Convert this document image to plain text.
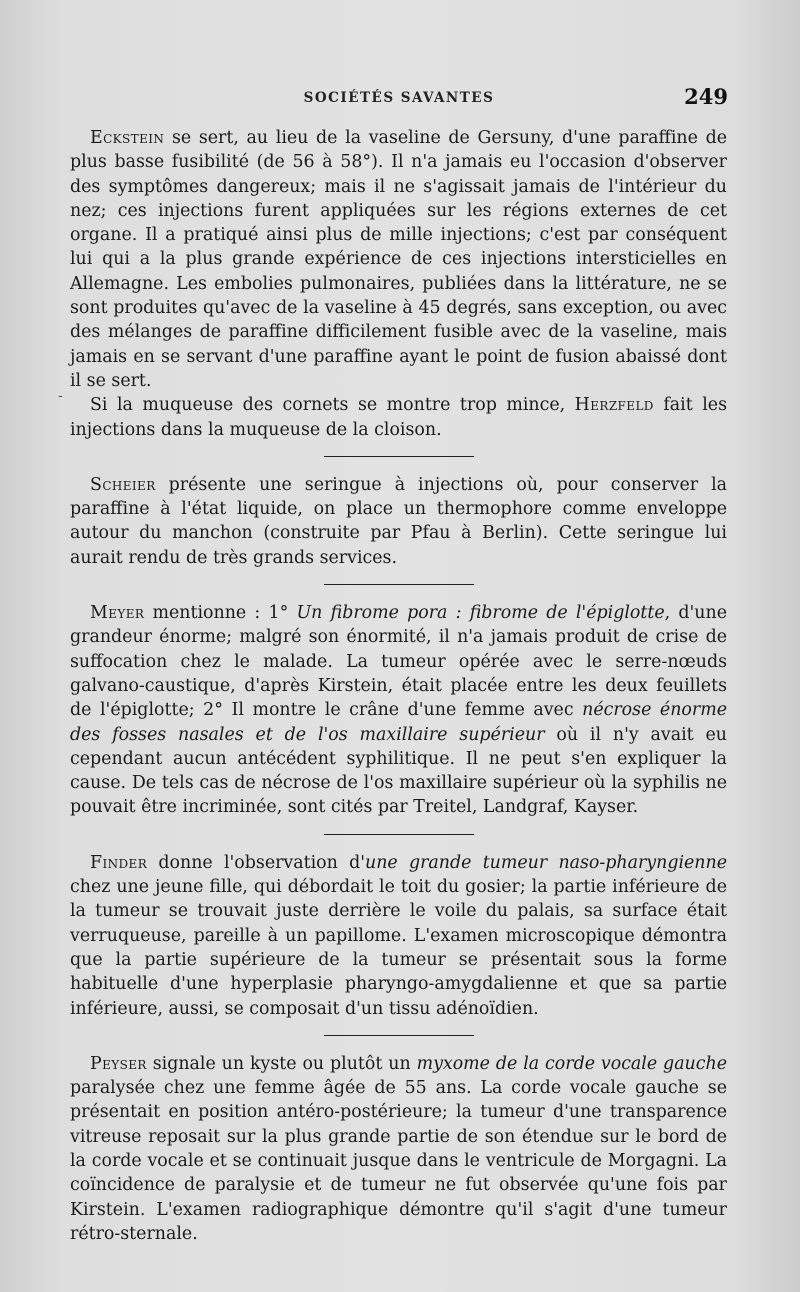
SOCIÉTÉS SAVANTES	249
-

Eckstein se sert, au lieu de la vaseline de Gersuny, d'une paraffine de plus basse fusibilité (de 56 à 58°). Il n'a jamais eu l'occasion d'observer des symptômes dangereux; mais il ne s'agissait jamais de l'intérieur du nez; ces injections furent appliquées sur les régions externes de cet organe. Il a pratiqué ainsi plus de mille injections; c'est par conséquent lui qui a la plus grande expérience de ces injections intersticielles en Allemagne. Les embolies pulmonaires, publiées dans la littérature, ne se sont produites qu'avec de la vaseline à 45 degrés, sans exception, ou avec des mélanges de paraffine difficilement fusible avec de la vaseline, mais jamais en se servant d'une paraffine ayant le point de fusion abaissé dont il se sert.

Si la muqueuse des cornets se montre trop mince, Herzfeld fait les injections dans la muqueuse de la cloison.

Scheier présente une seringue à injections où, pour conserver la paraffine à l'état liquide, on place un thermophore comme enveloppe autour du manchon (construite par Pfau à Berlin). Cette seringue lui aurait rendu de très grands services.

Meyer mentionne : 1° Un fibrome pora : fibrome de l'épiglotte, d'une grandeur énorme; malgré son énormité, il n'a jamais produit de crise de suffocation chez le malade. La tumeur opérée avec le serre-nœuds galvano-caustique, d'après Kirstein, était placée entre les deux feuillets de l'épiglotte; 2° Il montre le crâne d'une femme avec nécrose énorme des fosses nasales et de l'os maxillaire supérieur où il n'y avait eu cependant aucun antécédent syphilitique. Il ne peut s'en expliquer la cause. De tels cas de nécrose de l'os maxillaire supérieur où la syphilis ne pouvait être incriminée, sont cités par Treitel, Landgraf, Kayser.

Finder donne l'observation d'une grande tumeur naso-pharyngienne chez une jeune fille, qui débordait le toit du gosier; la partie inférieure de la tumeur se trouvait juste derrière le voile du palais, sa surface était verruqueuse, pareille à un papillome. L'examen microscopique démontra que la partie supérieure de la tumeur se présentait sous la forme habituelle d'une hyperplasie pharyngo-amygdalienne et que sa partie inférieure, aussi, se composait d'un tissu adénoïdien.

Peyser signale un kyste ou plutôt un myxome de la corde vocale gauche paralysée chez une femme âgée de 55 ans. La corde vocale gauche se présentait en position antéro-postérieure; la tumeur d'une transparence vitreuse reposait sur la plus grande partie de son étendue sur le bord de la corde vocale et se continuait jusque dans le ventricule de Morgagni. La coïncidence de paralysie et de tumeur ne fut observée qu'une fois par Kirstein. L'examen radiographique démontre qu'il s'agit d'une tumeur rétro-sternale.
